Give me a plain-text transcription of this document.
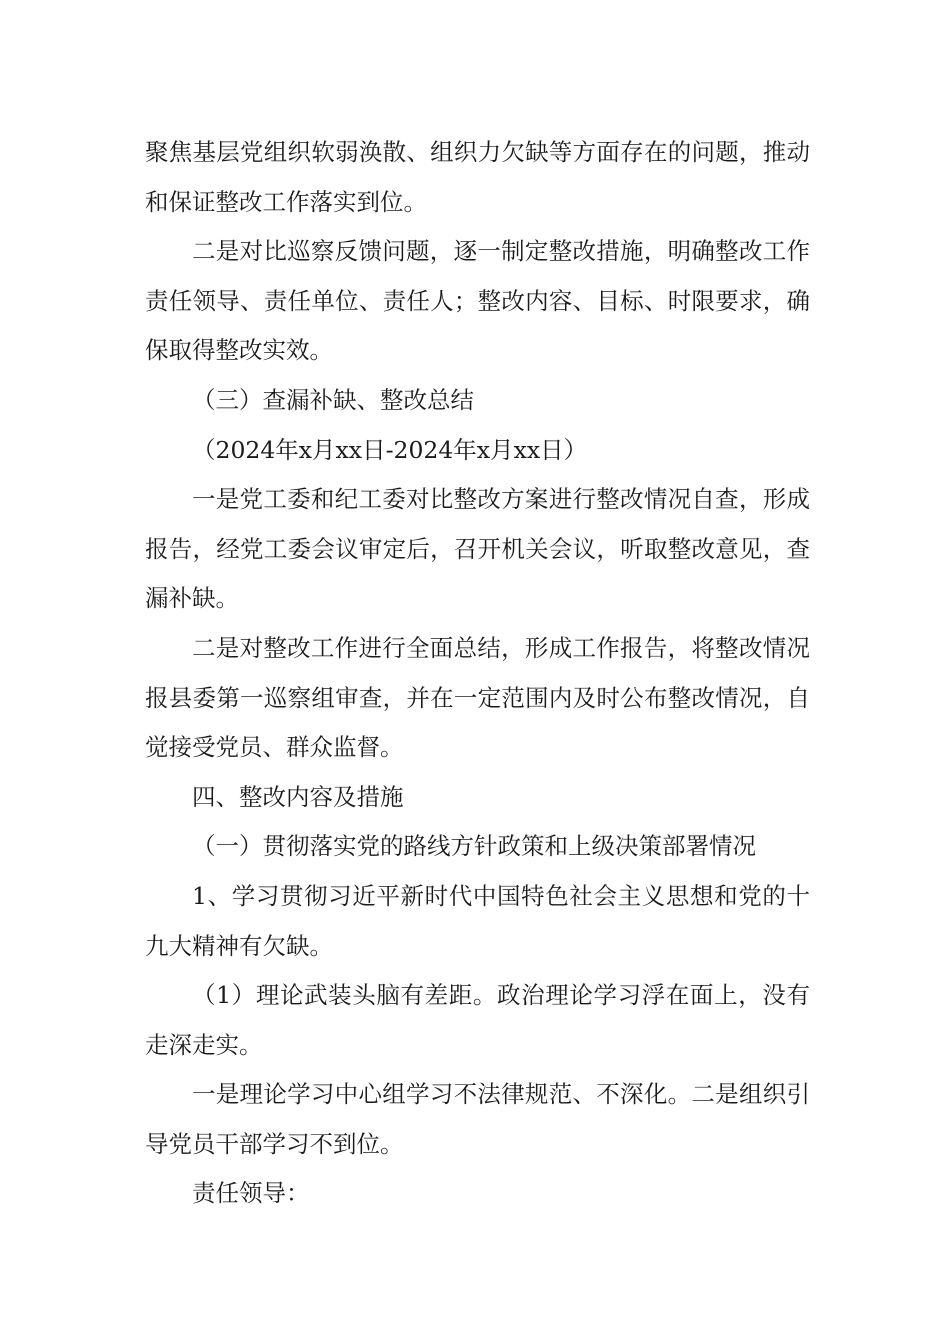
聚焦基层党组织软弱涣散、组织力欠缺等方面存在的问题，推动和保证整改工作落实到位。

二是对比巡察反馈问题，逐一制定整改措施，明确整改工作责任领导、责任单位、责任人；整改内容、目标、时限要求，确保取得整改实效。

（三）查漏补缺、整改总结

（2024年x月xx日-2024年x月xx日）

一是党工委和纪工委对比整改方案进行整改情况自查，形成报告，经党工委会议审定后，召开机关会议，听取整改意见，查漏补缺。

二是对整改工作进行全面总结，形成工作报告，将整改情况报县委第一巡察组审查，并在一定范围内及时公布整改情况，自觉接受党员、群众监督。

四、整改内容及措施

（一）贯彻落实党的路线方针政策和上级决策部署情况

1、学习贯彻习近平新时代中国特色社会主义思想和党的十九大精神有欠缺。

（1）理论武装头脑有差距。政治理论学习浮在面上，没有走深走实。

一是理论学习中心组学习不法律规范、不深化。二是组织引导党员干部学习不到位。

责任领导：
